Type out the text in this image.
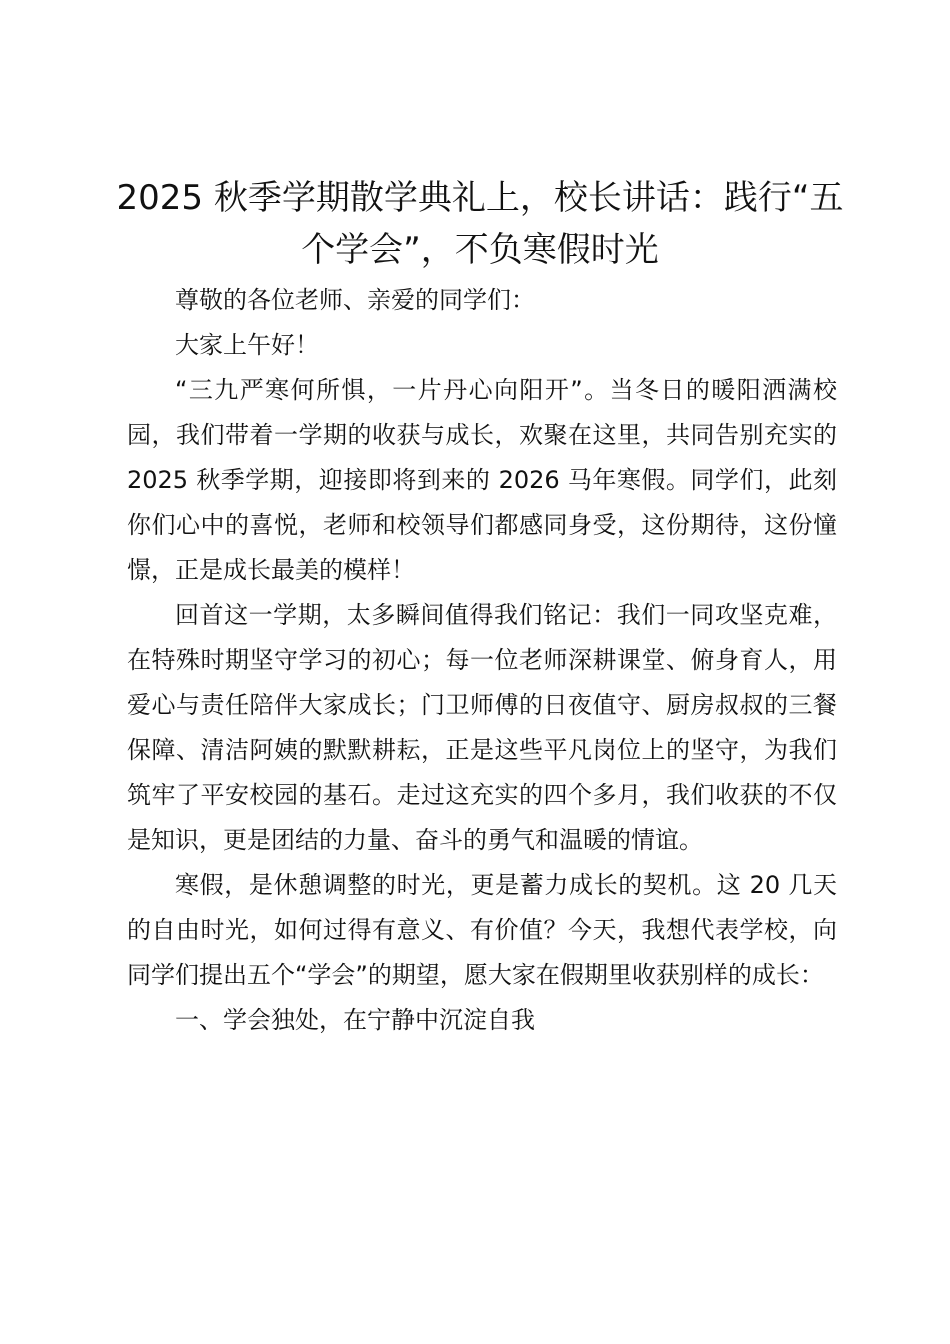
2025 秋季学期散学典礼上，校长讲话：践行“五个学会”，不负寒假时光

尊敬的各位老师、亲爱的同学们：

大家上午好！

“三九严寒何所惧，一片丹心向阳开”。当冬日的暖阳洒满校园，我们带着一学期的收获与成长，欢聚在这里，共同告别充实的 2025 秋季学期，迎接即将到来的 2026 马年寒假。同学们，此刻你们心中的喜悦，老师和校领导们都感同身受，这份期待，这份憧憬，正是成长最美的模样！

回首这一学期，太多瞬间值得我们铭记：我们一同攻坚克难，在特殊时期坚守学习的初心；每一位老师深耕课堂、俯身育人，用爱心与责任陪伴大家成长；门卫师傅的日夜值守、厨房叔叔的三餐保障、清洁阿姨的默默耕耘，正是这些平凡岗位上的坚守，为我们筑牢了平安校园的基石。走过这充实的四个多月，我们收获的不仅是知识，更是团结的力量、奋斗的勇气和温暖的情谊。

寒假，是休憩调整的时光，更是蓄力成长的契机。这 20 几天的自由时光，如何过得有意义、有价值？今天，我想代表学校，向同学们提出五个“学会”的期望，愿大家在假期里收获别样的成长：

一、学会独处，在宁静中沉淀自我
